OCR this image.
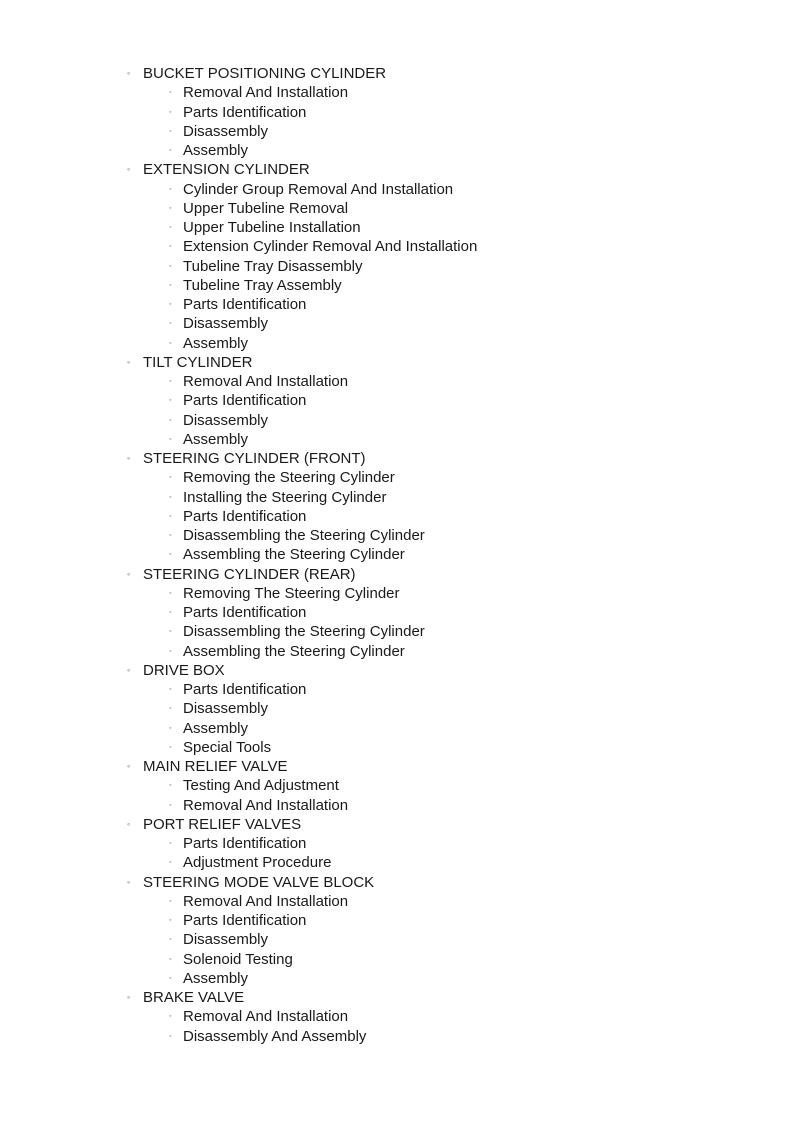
◦ BUCKET POSITIONING CYLINDER
◦ Removal And Installation
◦ Parts Identification
◦ Disassembly
◦ Assembly
◦ EXTENSION CYLINDER
◦ Cylinder Group Removal And Installation
◦ Upper Tubeline Removal
◦ Upper Tubeline Installation
◦ Extension Cylinder Removal And Installation
◦ Tubeline Tray Disassembly
◦ Tubeline Tray Assembly
◦ Parts Identification
◦ Disassembly
◦ Assembly
◦ TILT CYLINDER
◦ Removal And Installation
◦ Parts Identification
◦ Disassembly
◦ Assembly
◦ STEERING CYLINDER (FRONT)
◦ Removing the Steering Cylinder
◦ Installing the Steering Cylinder
◦ Parts Identification
◦ Disassembling the Steering Cylinder
◦ Assembling the Steering Cylinder
◦ STEERING CYLINDER (REAR)
◦ Removing The Steering Cylinder
◦ Parts Identification
◦ Disassembling the Steering Cylinder
◦ Assembling the Steering Cylinder
◦ DRIVE BOX
◦ Parts Identification
◦ Disassembly
◦ Assembly
◦ Special Tools
◦ MAIN RELIEF VALVE
◦ Testing And Adjustment
◦ Removal And Installation
◦ PORT RELIEF VALVES
◦ Parts Identification
◦ Adjustment Procedure
◦ STEERING MODE VALVE BLOCK
◦ Removal And Installation
◦ Parts Identification
◦ Disassembly
◦ Solenoid Testing
◦ Assembly
◦ BRAKE VALVE
◦ Removal And Installation
◦ Disassembly And Assembly
